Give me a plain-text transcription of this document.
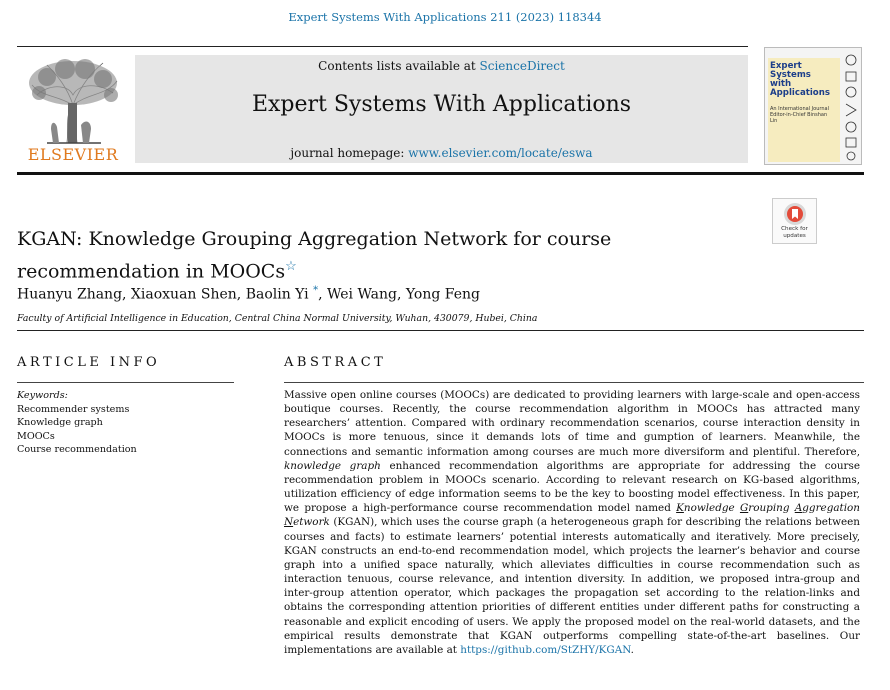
Expert Systems With Applications 211 (2023) 118344
ELSEVIER
Contents lists available at ScienceDirect
Expert Systems With Applications
journal homepage: www.elsevier.com/locate/eswa
Expert
Systems
with
Applications
An International Journal
Editor-in-Chief Binshan Lin
Check for
updates
KGAN: Knowledge Grouping Aggregation Network for course
recommendation in MOOCs☆
Huanyu Zhang, Xiaoxuan Shen, Baolin Yi *, Wei Wang, Yong Feng
Faculty of Artificial Intelligence in Education, Central China Normal University, Wuhan, 430079, Hubei, China
ARTICLE INFO
Keywords:
Recommender systems
Knowledge graph
MOOCs
Course recommendation
ABSTRACT
Massive open online courses (MOOCs) are dedicated to providing learners with large-scale and open-access boutique courses. Recently, the course recommendation algorithm in MOOCs has attracted many researchers’ attention. Compared with ordinary recommendation scenarios, course interaction density in MOOCs is more tenuous, since it demands lots of time and gumption of learners. Meanwhile, the connections and semantic information among courses are much more diversiform and plentiful. Therefore, knowledge graph enhanced recommendation algorithms are appropriate for addressing the course recommendation problem in MOOCs scenario. According to relevant research on KG-based algorithms, utilization efficiency of edge information seems to be the key to boosting model effectiveness. In this paper, we propose a high-performance course recommendation model named Knowledge Grouping Aggregation Network (KGAN), which uses the course graph (a heterogeneous graph for describing the relations between courses and facts) to estimate learners’ potential interests automatically and iteratively. More precisely, KGAN constructs an end-to-end recommendation model, which projects the learner’s behavior and course graph into a unified space naturally, which alleviates difficulties in course recommendation such as interaction tenuous, course relevance, and intention diversity. In addition, we proposed intra-group and inter-group attention operator, which packages the propagation set according to the relation-links and obtains the corresponding attention priorities of different entities under different paths for constructing a reasonable and explicit encoding of users. We apply the proposed model on the real-world datasets, and the empirical results demonstrate that KGAN outperforms compelling state-of-the-art baselines. Our implementations are available at https://github.com/StZHY/KGAN.
